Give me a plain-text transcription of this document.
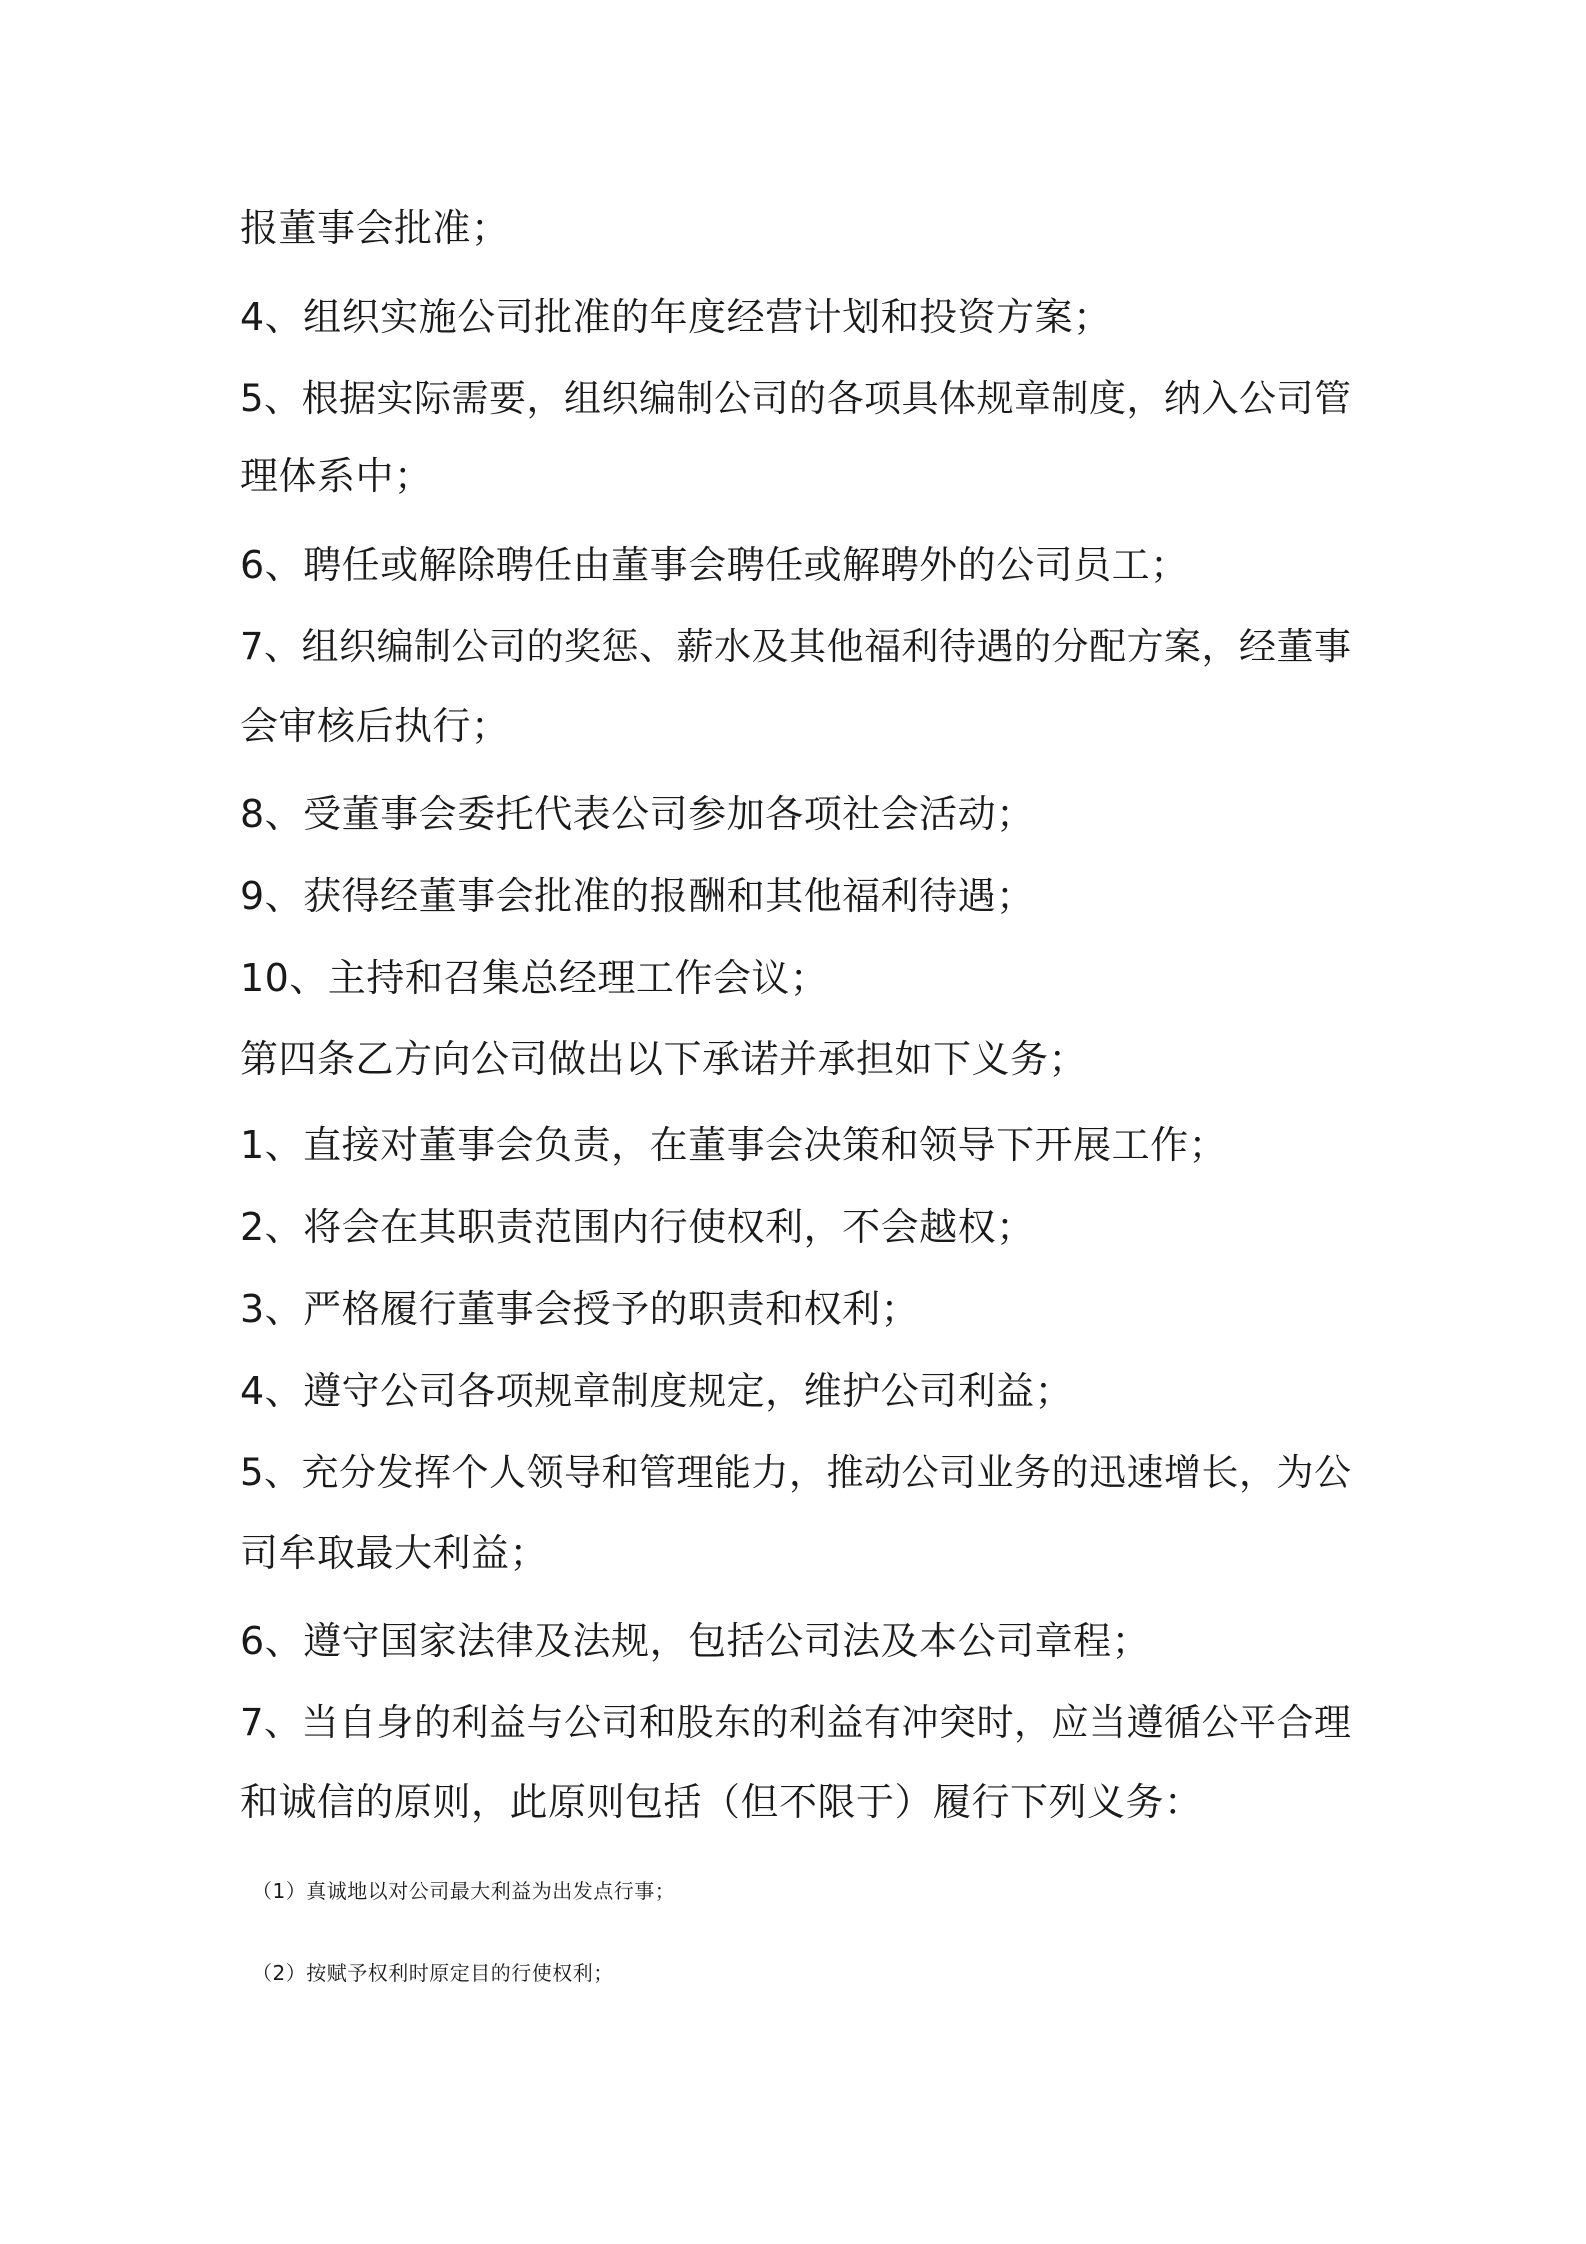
报董事会批准；
4、组织实施公司批准的年度经营计划和投资方案；
5、根据实际需要，组织编制公司的各项具体规章制度，纳入公司管
理体系中；
6、聘任或解除聘任由董事会聘任或解聘外的公司员工；
7、组织编制公司的奖惩、薪水及其他福利待遇的分配方案，经董事
会审核后执行；
8、受董事会委托代表公司参加各项社会活动；
9、获得经董事会批准的报酬和其他福利待遇；
10、主持和召集总经理工作会议；
第四条乙方向公司做出以下承诺并承担如下义务；
1、直接对董事会负责，在董事会决策和领导下开展工作；
2、将会在其职责范围内行使权利，不会越权；
3、严格履行董事会授予的职责和权利；
4、遵守公司各项规章制度规定，维护公司利益；
5、充分发挥个人领导和管理能力，推动公司业务的迅速增长，为公
司牟取最大利益；
6、遵守国家法律及法规，包括公司法及本公司章程；
7、当自身的利益与公司和股东的利益有冲突时，应当遵循公平合理
和诚信的原则，此原则包括（但不限于）履行下列义务：
（1）真诚地以对公司最大利益为出发点行事；
（2）按赋予权利时原定目的行使权利；
